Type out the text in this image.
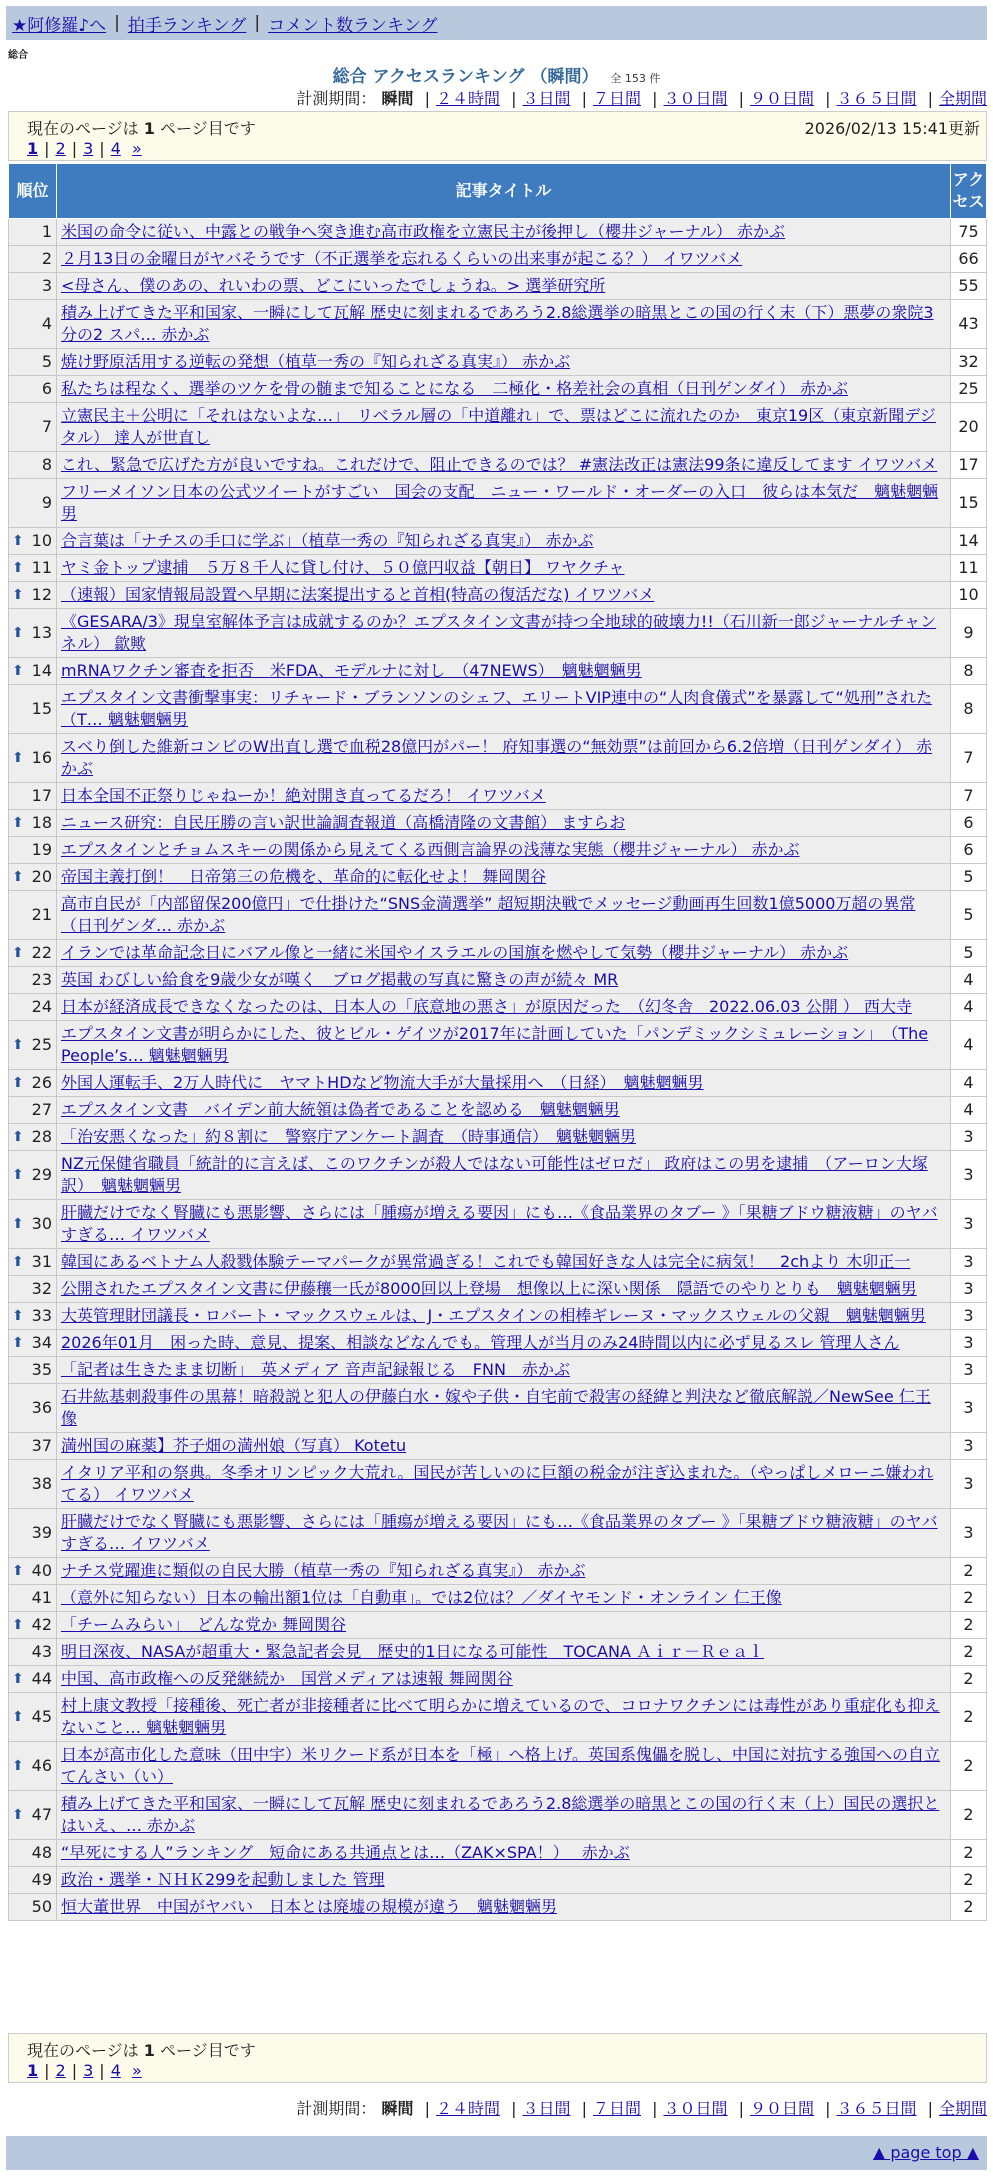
★阿修羅♪へ | 拍手ランキング | コメント数ランキング
総合
総合 アクセスランキング （瞬間） 全 153 件
計測期間： 瞬間 | ２４時間 | ３日間 | ７日間 | ３０日間 | ９０日間 | ３６５日間 | 全期間
現在のページは 1 ページ目です	2026/02/13 15:41更新
1 | 2 | 3 | 4 »
順位	記事タイトル	アクセス
1	米国の命令に従い、中露との戦争へ突き進む高市政権を立憲民主が後押し（櫻井ジャーナル） 赤かぶ	75
2	２月13日の金曜日がヤバそうです（不正選挙を忘れるくらいの出来事が起こる？） イワツバメ	66
3	<母さん、僕のあの、れいわの票、どこにいったでしょうね。> 選挙研究所	55
4	積み上げてきた平和国家、一瞬にして瓦解 歴史に刻まれるであろう2.8総選挙の暗黒とこの国の行く末（下）悪夢の衆院3分の2 スパ… 赤かぶ	43
5	焼け野原活用する逆転の発想（植草一秀の『知られざる真実』） 赤かぶ	32
6	私たちは程なく、選挙のツケを骨の髄まで知ることになる　二極化・格差社会の真相（日刊ゲンダイ） 赤かぶ	25
7	立憲民主＋公明に「それはないよな…」　リベラル層の「中道離れ」で、票はどこに流れたのか　東京19区（東京新聞デジタル） 達人が世直し	20
8	これ、緊急で広げた方が良いですね。これだけで、阻止できるのでは？ #憲法改正は憲法99条に違反してます イワツバメ	17
9	フリーメイソン日本の公式ツイートがすごい　国会の支配　ニュー・ワールド・オーダーの入口　彼らは本気だ　魑魅魍魎男	15

⬆ 10	合言葉は「ナチスの手口に学ぶ」（植草一秀の『知られざる真実』） 赤かぶ	14

⬆ 11	ヤミ金トップ逮捕　５万８千人に貸し付け、５０億円収益【朝日】 ワヤクチャ	11

⬆ 12	（速報）国家情報局設置へ早期に法案提出すると首相(特高の復活だな) イワツバメ	10

⬆ 13	《GESARA/3》現皇室解体予言は成就するのか？エプスタイン文書が持つ全地球的破壊力!!（石川新一郎ジャーナルチャンネル） 歙歟	9

⬆ 14	mRNAワクチン審査を拒否　米FDA、モデルナに対し　（47NEWS）　魑魅魍魎男	8
15	エプスタイン文書衝撃事実：リチャード・ブランソンのシェフ、エリートVIP連中の“人肉食儀式”を暴露して“処刑”された（T… 魑魅魍魎男	8

⬆ 16	スベり倒した維新コンビのW出直し選で血税28億円がパー！ 府知事選の“無効票”は前回から6.2倍増（日刊ゲンダイ） 赤かぶ	7
17	日本全国不正祭りじゃねーか！絶対開き直ってるだろ！ イワツバメ	7

⬆ 18	ニュース研究：自民圧勝の言い訳世論調査報道（高橋清隆の文書館） ますらお	6
19	エプスタインとチョムスキーの関係から見えてくる西側言論界の浅薄な実態（櫻井ジャーナル） 赤かぶ	6

⬆ 20	帝国主義打倒！　日帝第三の危機を、革命的に転化せよ！ 舞岡関谷	5
21	高市自民が「内部留保200億円」で仕掛けた“SNS金満選挙” 超短期決戦でメッセージ動画再生回数1億5000万超の異常（日刊ゲンダ… 赤かぶ	5

⬆ 22	イランでは革命記念日にバアル像と一緒に米国やイスラエルの国旗を燃やして気勢（櫻井ジャーナル） 赤かぶ	5
23	英国 わびしい給食を9歳少女が嘆く　ブログ掲載の写真に驚きの声が続々 MR	4
24	日本が経済成長できなくなったのは、日本人の「底意地の悪さ」が原因だった　（幻冬舎　2022.06.03 公開 ） 西大寺	4

⬆ 25	エプスタイン文書が明らかにした、彼とビル・ゲイツが2017年に計画していた「パンデミックシミュレーション」　（The People’s… 魑魅魍魎男	4

⬆ 26	外国人運転手、2万人時代に　ヤマトHDなど物流大手が大量採用へ　（日経）　魑魅魍魎男	4
27	エプスタイン文書　バイデン前大統領は偽者であることを認める　魑魅魍魎男	4

⬆ 28	「治安悪くなった」約８割に　警察庁アンケート調査　（時事通信）　魑魅魍魎男	3

⬆ 29	NZ元保健省職員「統計的に言えば、このワクチンが殺人ではない可能性はゼロだ」 政府はこの男を逮捕　（アーロン大塚訳）　魑魅魍魎男	3

⬆ 30	肝臓だけでなく腎臓にも悪影響、さらには「腫瘍が増える要因」にも…《食品業界のタブー 》「果糖ブドウ糖液糖」のヤバすぎる… イワツバメ	3

⬆ 31	韓国にあるベトナム人殺戮体験テーマパークが異常過ぎる！これでも韓国好きな人は完全に病気！　2chより 木卯正一	3
32	公開されたエプスタイン文書に伊藤穰一氏が8000回以上登場　想像以上に深い関係　隠語でのやりとりも　魑魅魍魎男	3

⬆ 33	大英管理財団議長・ロバート・マックスウェルは、J・エプスタインの相棒ギレーヌ・マックスウェルの父親　魑魅魍魎男	3

⬆ 34	2026年01月　困った時、意見、提案、相談などなんでも。管理人が当月のみ24時間以内に必ず見るスレ 管理人さん	3
35	「記者は生きたまま切断」　英メディア 音声記録報じる　FNN　赤かぶ	3
36	石井紘基刺殺事件の黒幕！暗殺説と犯人の伊藤白水・嫁や子供・自宅前で殺害の経緯と判決など徹底解説／NewSee 仁王像	3
37	満州国の麻薬】芥子畑の満州娘（写真） Kotetu	3
38	イタリア平和の祭典。冬季オリンピック大荒れ。国民が苦しいのに巨額の税金が注ぎ込まれた。（やっぱしメローニ嫌われてる） イワツバメ	3
39	肝臓だけでなく腎臓にも悪影響、さらには「腫瘍が増える要因」にも…《食品業界のタブー 》「果糖ブドウ糖液糖」のヤバすぎる… イワツバメ	3

⬆ 40	ナチス党躍進に類似の自民大勝（植草一秀の『知られざる真実』） 赤かぶ	2
41	（意外に知らない）日本の輸出額1位は「自動車」。では2位は？／ダイヤモンド・オンライン 仁王像	2

⬆ 42	「チームみらい」　どんな党か 舞岡関谷	2
43	明日深夜、NASAが超重大・緊急記者会見　歴史的1日になる可能性　TOCANA Ａｉｒ－Ｒｅａｌ	2

⬆ 44	中国、高市政権への反発継続か　国営メディアは速報 舞岡関谷	2

⬆ 45	村上康文教授「接種後、死亡者が非接種者に比べて明らかに増えているので、コロナワクチンには毒性があり重症化も抑えないこと… 魑魅魍魎男	2

⬆ 46	日本が高市化した意味（田中宇）米リクード系が日本を「極」へ格上げ。英国系傀儡を脱し、中国に対抗する強国への自立てんさい（い）	2

⬆ 47	積み上げてきた平和国家、一瞬にして瓦解 歴史に刻まれるであろう2.8総選挙の暗黒とこの国の行く末（上）国民の選択とはいえ、… 赤かぶ	2
48	“早死にする人”ランキング　短命にある共通点とは…（ZAK×SPA！）　 赤かぶ	2
49	政治・選挙・ＮＨＫ299を起動しました 管理	2
50	恒大董世界　中国がヤバい　日本とは廃墟の規模が違う　魑魅魍魎男	2
現在のページは 1 ページ目です
1 | 2 | 3 | 4 »
計測期間： 瞬間 | ２４時間 | ３日間 | ７日間 | ３０日間 | ９０日間 | ３６５日間 | 全期間
▲ page top ▲
